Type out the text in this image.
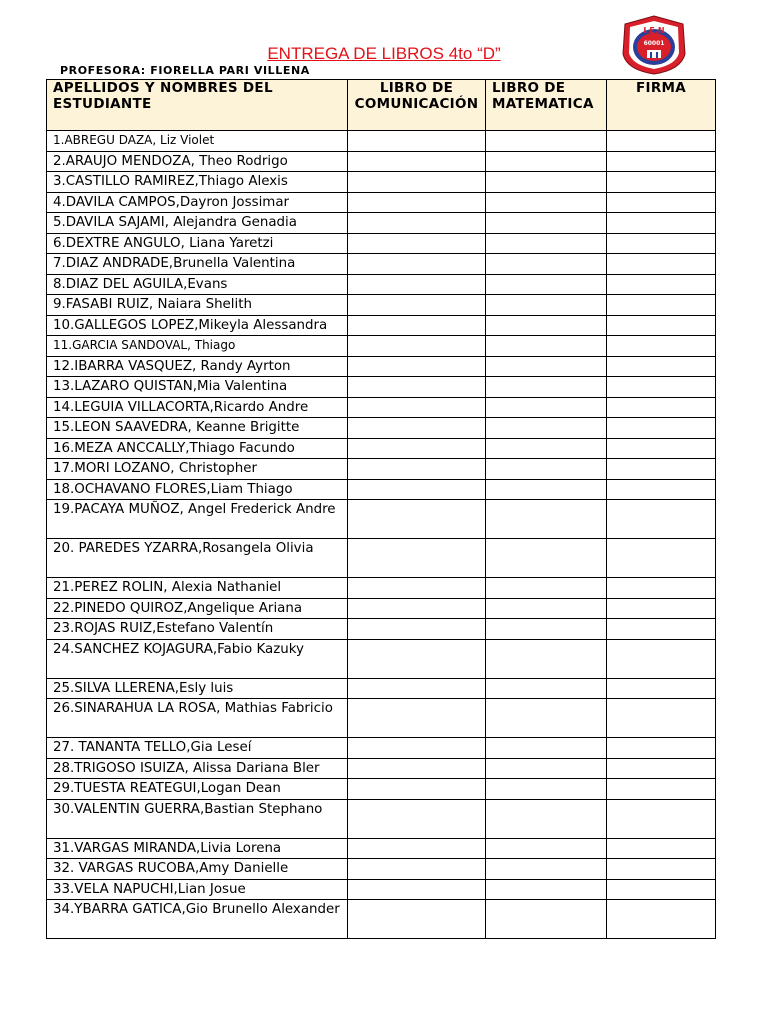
ENTREGA DE LIBROS 4to “D”
PROFESORA: FIORELLA PARI VILLENA
I.E.N
60001
APELLIDOS Y NOMBRES DEL ESTUDIANTE	LIBRO DE COMUNICACIÓN	LIBRO DE MATEMATICA	FIRMA
1.ABREGU DAZA, Liz Violet			
2.ARAUJO MENDOZA, Theo Rodrigo			
3.CASTILLO RAMIREZ,Thiago Alexis			
4.DAVILA CAMPOS,Dayron Jossimar			
5.DAVILA SAJAMI, Alejandra Genadia			
6.DEXTRE ANGULO, Liana Yaretzi			
7.DIAZ ANDRADE,Brunella Valentina			
8.DIAZ DEL AGUILA,Evans			
9.FASABI RUIZ, Naiara Shelith			
10.GALLEGOS LOPEZ,Mikeyla Alessandra			
11.GARCIA SANDOVAL, Thiago			
12.IBARRA VASQUEZ, Randy Ayrton			
13.LAZARO QUISTAN,Mia Valentina			
14.LEGUIA VILLACORTA,Ricardo Andre			
15.LEON SAAVEDRA, Keanne Brigitte			
16.MEZA ANCCALLY,Thiago Facundo			
17.MORI LOZANO, Christopher			
18.OCHAVANO FLORES,Liam Thiago			
19.PACAYA MUÑOZ, Angel Frederick Andre			
20. PAREDES YZARRA,Rosangela Olivia			
21.PEREZ ROLIN, Alexia Nathaniel			
22.PINEDO QUIROZ,Angelique Ariana			
23.ROJAS RUIZ,Estefano Valentín			
24.SANCHEZ KOJAGURA,Fabio Kazuky			
25.SILVA LLERENA,Esly luis			
26.SINARAHUA LA ROSA, Mathias Fabricio			
27. TANANTA TELLO,Gia Leseí			
28.TRIGOSO ISUIZA, Alissa Dariana Bler			
29.TUESTA REATEGUI,Logan Dean			
30.VALENTIN GUERRA,Bastian Stephano			
31.VARGAS MIRANDA,Livia Lorena			
32. VARGAS RUCOBA,Amy Danielle			
33.VELA NAPUCHI,Lian Josue			
34.YBARRA GATICA,Gio Brunello Alexander			
